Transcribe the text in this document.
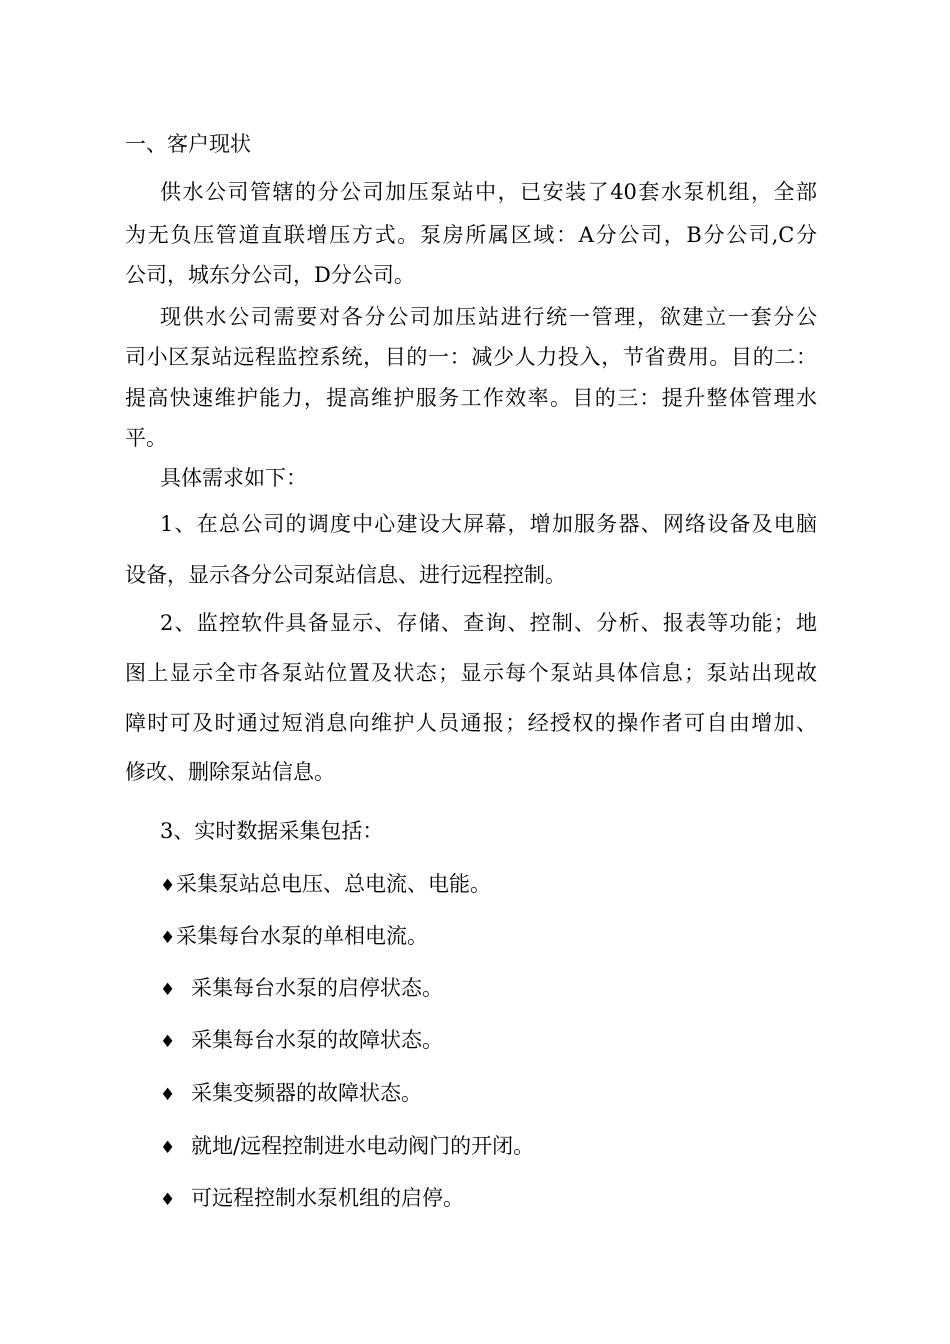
一、客户现状
供水公司管辖的分公司加压泵站中，已安装了40套水泵机组，全部
为无负压管道直联增压方式。泵房所属区域：A分公司，B分公司,C分
公司，城东分公司，D分公司。
现供水公司需要对各分公司加压站进行统一管理，欲建立一套分公
司小区泵站远程监控系统，目的一：减少人力投入，节省费用。目的二：
提高快速维护能力，提高维护服务工作效率。目的三：提升整体管理水
平。
具体需求如下：
1、在总公司的调度中心建设大屏幕，增加服务器、网络设备及电脑
设备，显示各分公司泵站信息、进行远程控制。
2、监控软件具备显示、存储、查询、控制、分析、报表等功能；地
图上显示全市各泵站位置及状态；显示每个泵站具体信息；泵站出现故
障时可及时通过短消息向维护人员通报；经授权的操作者可自由增加、
修改、删除泵站信息。
3、实时数据采集包括：
♦采集泵站总电压、总电流、电能。
♦采集每台水泵的单相电流。
♦ 采集每台水泵的启停状态。
♦ 采集每台水泵的故障状态。
♦ 采集变频器的故障状态。
♦ 就地/远程控制进水电动阀门的开闭。
♦ 可远程控制水泵机组的启停。
